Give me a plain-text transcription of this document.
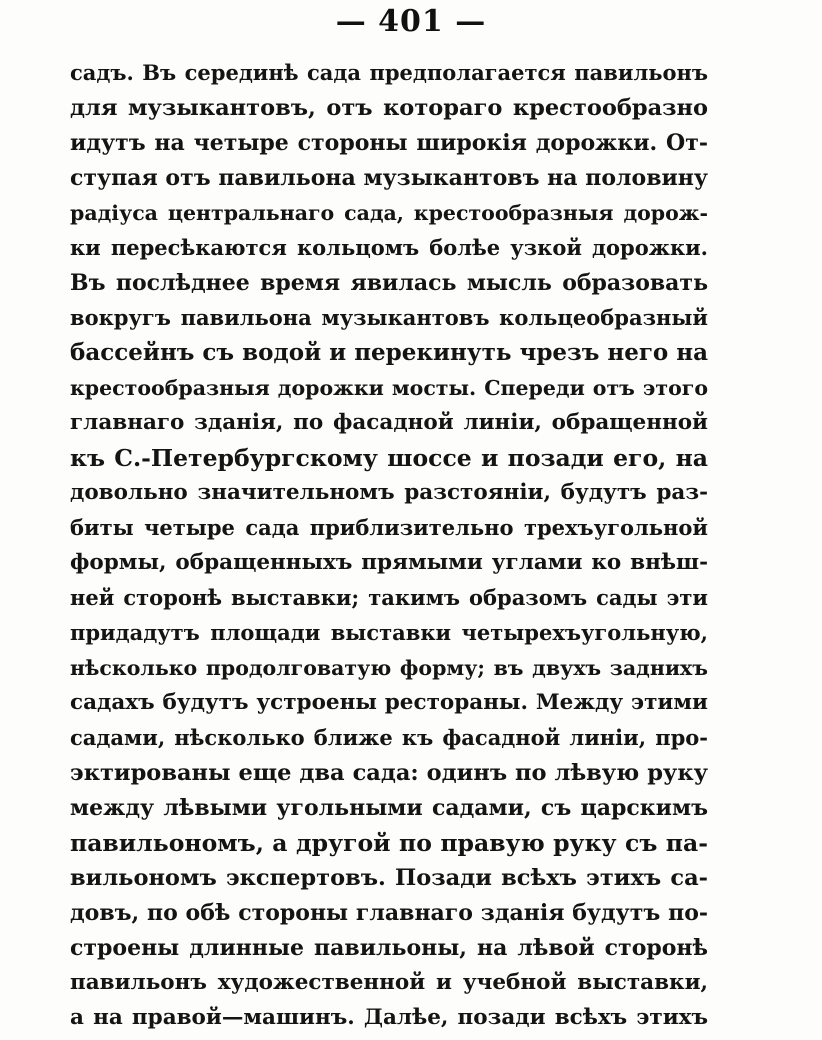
— 401 —
садъ. Въ серединѣ сада предполагается павильонъ
для музыкантовъ, отъ котораго крестообразно
идутъ на четыре стороны широкія дорожки. От-
ступая отъ павильона музыкантовъ на половину
радіуса центральнаго сада, крестообразныя дорож-
ки пересѣкаются кольцомъ болѣе узкой дорожки.
Въ послѣднее время явилась мысль образовать
вокругъ павильона музыкантовъ кольцеобразный
бассейнъ съ водой и перекинуть чрезъ него на
крестообразныя дорожки мосты. Спереди отъ этого
главнаго зданія, по фасадной линіи, обращенной
къ С.-Петербургскому шоссе и позади его, на
довольно значительномъ разстояніи, будутъ раз-
биты четыре сада приблизительно трехъугольной
формы, обращенныхъ прямыми углами ко внѣш-
ней сторонѣ выставки; такимъ образомъ сады эти
придадутъ площади выставки четырехъугольную,
нѣсколько продолговатую форму; въ двухъ заднихъ
садахъ будутъ устроены рестораны. Между этими
садами, нѣсколько ближе къ фасадной линіи, про-
эктированы еще два сада: одинъ по лѣвую руку
между лѣвыми угольными садами, съ царскимъ
павильономъ, а другой по правую руку съ па-
вильономъ экспертовъ. Позади всѣхъ этихъ са-
довъ, по обѣ стороны главнаго зданія будутъ по-
строены длинные павильоны, на лѣвой сторонѣ
павильонъ художественной и учебной выставки,
а на правой—машинъ. Далѣе, позади всѣхъ этихъ
